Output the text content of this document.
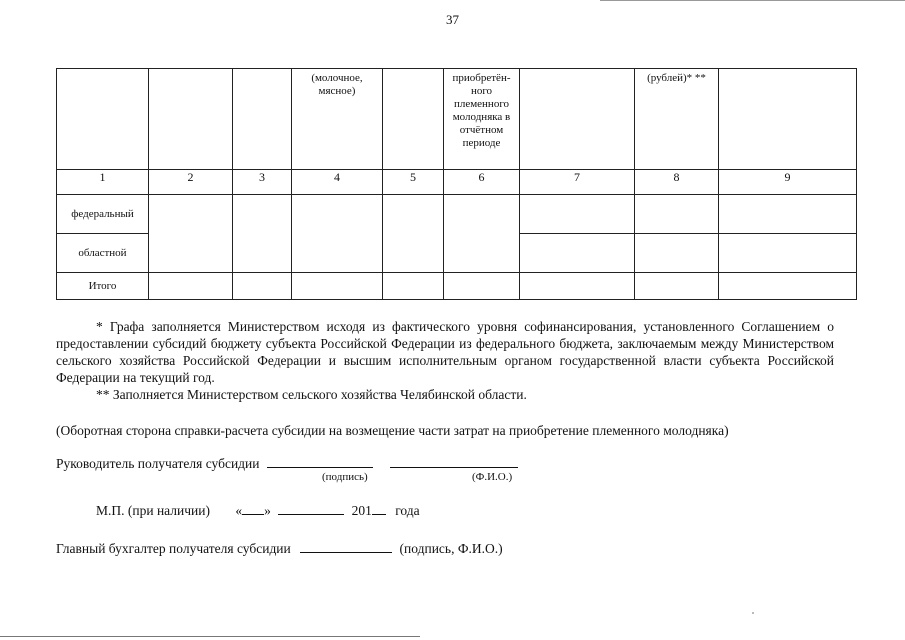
37

			(молочное, мясное)		приобретён-ного племенного молодняка в отчётном периоде		(рублей)* **	

1	2	3	4	5	6	7	8	9
федеральный								
областной								
Итого								

* Графа заполняется Министерством исходя из фактического уровня софинансирования, установленного Соглашением о предоставлении субсидий бюджету субъекта Российской Федерации из федерального бюджета, заключаемым между Министерством сельского хозяйства Российской Федерации и высшим исполнительным органом государственной власти субъекта Российской Федерации на текущий год.

** Заполняется Министерством сельского хозяйства Челябинской области.

(Оборотная сторона справки-расчета субсидии на возмещение части затрат на приобретение племенного молодняка)
Руководитель получателя субсидии
(подпись)	(Ф.И.О.)
М.П. (при наличии) « »	201 года
Главный бухгалтер получателя субсидии	(подпись, Ф.И.О.)
